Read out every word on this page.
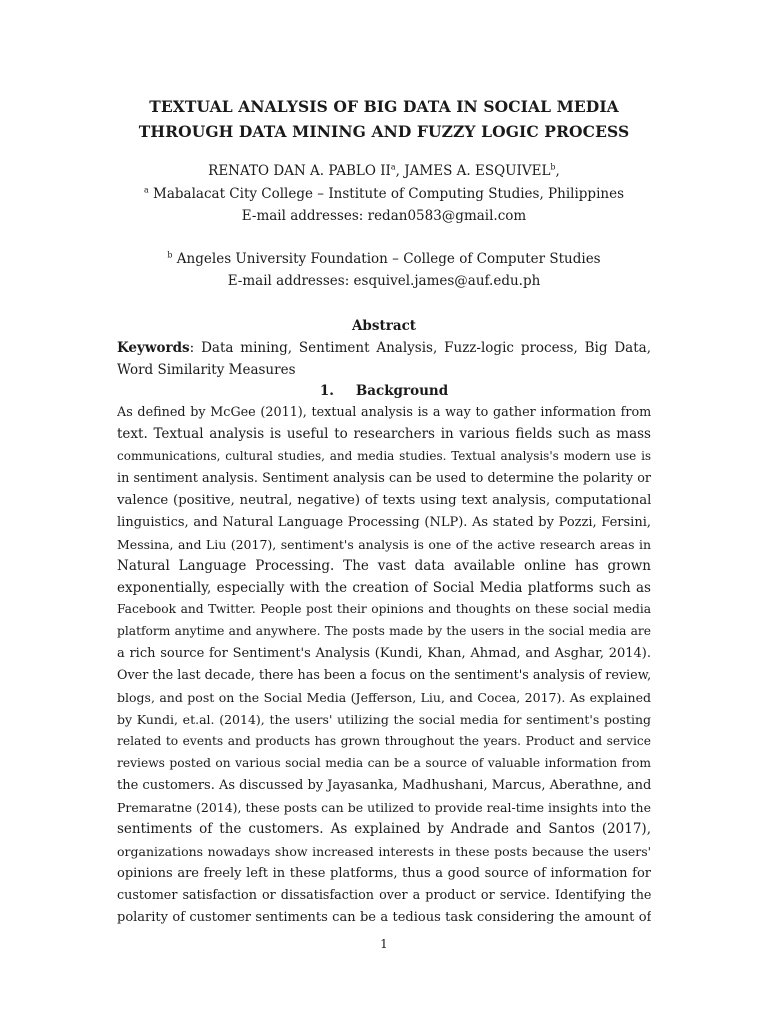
TEXTUAL ANALYSIS OF BIG DATA IN SOCIAL MEDIA
THROUGH DATA MINING AND FUZZY LOGIC PROCESS
RENATO DAN A. PABLO $II^a$, JAMES A. ESQUIVEL$^b$,
$^a$ Mabalacat City College – Institute of Computing Studies, Philippines
E-mail addresses: redan0583@gmail.com
$^b$ Angeles University Foundation – College of Computer Studies
E-mail addresses: esquivel.james@auf.edu.ph
Abstract
Keywords: Data mining, Sentiment Analysis, Fuzz-logic process, Big Data, Word Similarity Measures
1. Background
As defined by McGee (2011), textual analysis is a way to gather information from
text. Textual analysis is useful to researchers in various fields such as mass
communications, cultural studies, and media studies. Textual analysis's modern use is
in sentiment analysis. Sentiment analysis can be used to determine the polarity or
valence (positive, neutral, negative) of texts using text analysis, computational
linguistics, and Natural Language Processing (NLP). As stated by Pozzi, Fersini,
Messina, and Liu (2017), sentiment's analysis is one of the active research areas in
Natural Language Processing. The vast data available online has grown
exponentially, especially with the creation of Social Media platforms such as
Facebook and Twitter. People post their opinions and thoughts on these social media
platform anytime and anywhere. The posts made by the users in the social media are
a rich source for Sentiment's Analysis (Kundi, Khan, Ahmad, and Asghar, 2014).
Over the last decade, there has been a focus on the sentiment's analysis of review,
blogs, and post on the Social Media (Jefferson, Liu, and Cocea, 2017). As explained
by Kundi, et.al. (2014), the users' utilizing the social media for sentiment's posting
related to events and products has grown throughout the years. Product and service
reviews posted on various social media can be a source of valuable information from
the customers. As discussed by Jayasanka, Madhushani, Marcus, Aberathne, and
Premaratne (2014), these posts can be utilized to provide real-time insights into the
sentiments of the customers. As explained by Andrade and Santos (2017),
organizations nowadays show increased interests in these posts because the users'
opinions are freely left in these platforms, thus a good source of information for
customer satisfaction or dissatisfaction over a product or service. Identifying the
polarity of customer sentiments can be a tedious task considering the amount of
1
